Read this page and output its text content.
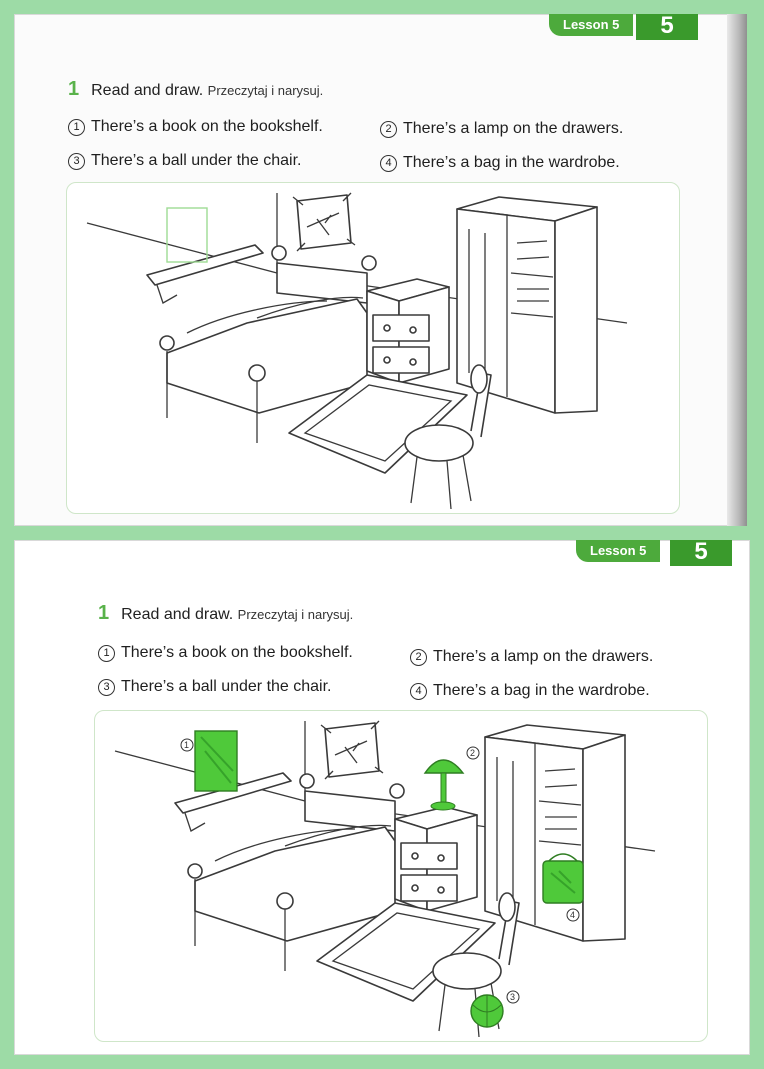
Lesson 5	5
1 Read and draw. Przeczytaj i narysuj.
1 There’s a book on the bookshelf.	2 There’s a lamp on the drawers.
3 There’s a ball under the chair.	4 There’s a bag in the wardrobe.
Lesson 5	5
1 Read and draw. Przeczytaj i narysuj.
1 There’s a book on the bookshelf.	2 There’s a lamp on the drawers.
3 There’s a ball under the chair.	4 There’s a bag in the wardrobe.
1
2
4
3
